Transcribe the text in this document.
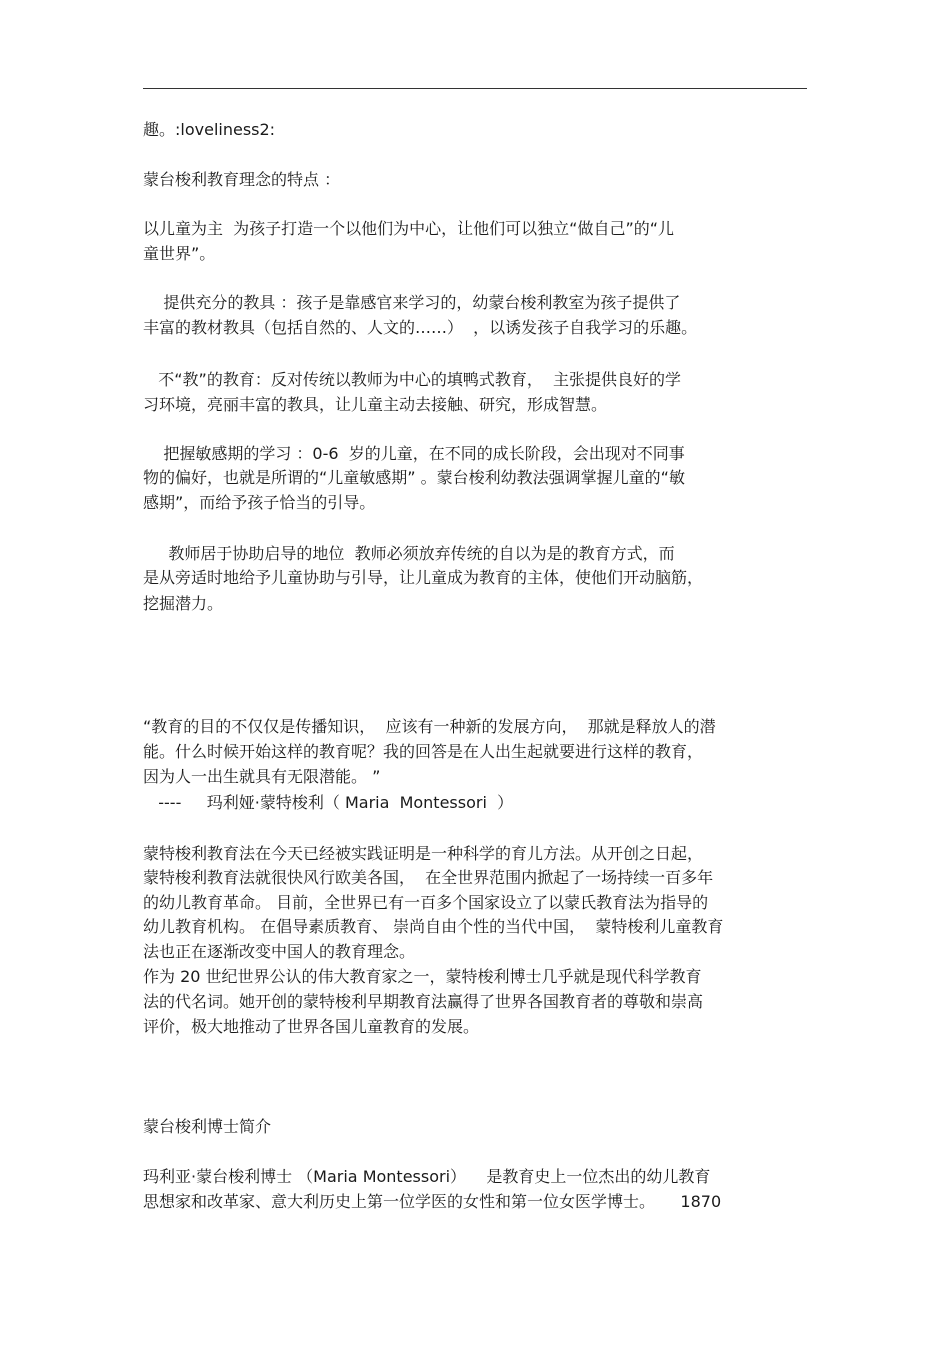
趣。:loveliness2:
蒙台梭利教育理念的特点 ：
以儿童为主  为孩子打造一个以他们为中心，让他们可以独立“做自己”的“儿
童世界”。
提供充分的教具 ：孩子是靠感官来学习的，幼蒙台梭利教室为孩子提供了
丰富的教材教具（包括自然的、人文的……）  ，以诱发孩子自我学习的乐趣。
不“教”的教育：反对传统以教师为中心的填鸭式教育，  主张提供良好的学
习环境，亮丽丰富的教具，让儿童主动去接触、研究，形成智慧。
把握敏感期的学习 ：0-6  岁的儿童，在不同的成长阶段，会出现对不同事
物的偏好，也就是所谓的“儿童敏感期” 。蒙台梭利幼教法强调掌握儿童的“敏
感期”，而给予孩子恰当的引导。
教师居于协助启导的地位  教师必须放弃传统的自以为是的教育方式，而
是从旁适时地给予儿童协助与引导，让儿童成为教育的主体，使他们开动脑筋，
挖掘潜力。
“教育的目的不仅仅是传播知识，  应该有一种新的发展方向，  那就是释放人的潜
能。什么时候开始这样的教育呢？我的回答是在人出生起就要进行这样的教育，
因为人一出生就具有无限潜能。 ”
----     玛利娅·蒙特梭利（ Maria  Montessori  ）
蒙特梭利教育法在今天已经被实践证明是一种科学的育儿方法。从开创之日起，
蒙特梭利教育法就很快风行欧美各国，  在全世界范围内掀起了一场持续一百多年
的幼儿教育革命。 目前，全世界已有一百多个国家设立了以蒙氏教育法为指导的
幼儿教育机构。 在倡导素质教育、 崇尚自由个性的当代中国，  蒙特梭利儿童教育
法也正在逐渐改变中国人的教育理念。
作为 20 世纪世界公认的伟大教育家之一，蒙特梭利博士几乎就是现代科学教育
法的代名词。她开创的蒙特梭利早期教育法赢得了世界各国教育者的尊敬和崇高
评价，极大地推动了世界各国儿童教育的发展。
蒙台梭利博士简介
玛利亚·蒙台梭利博士 （Maria Montessori）    是教育史上一位杰出的幼儿教育
思想家和改革家、意大利历史上第一位学医的女性和第一位女医学博士。     1870
